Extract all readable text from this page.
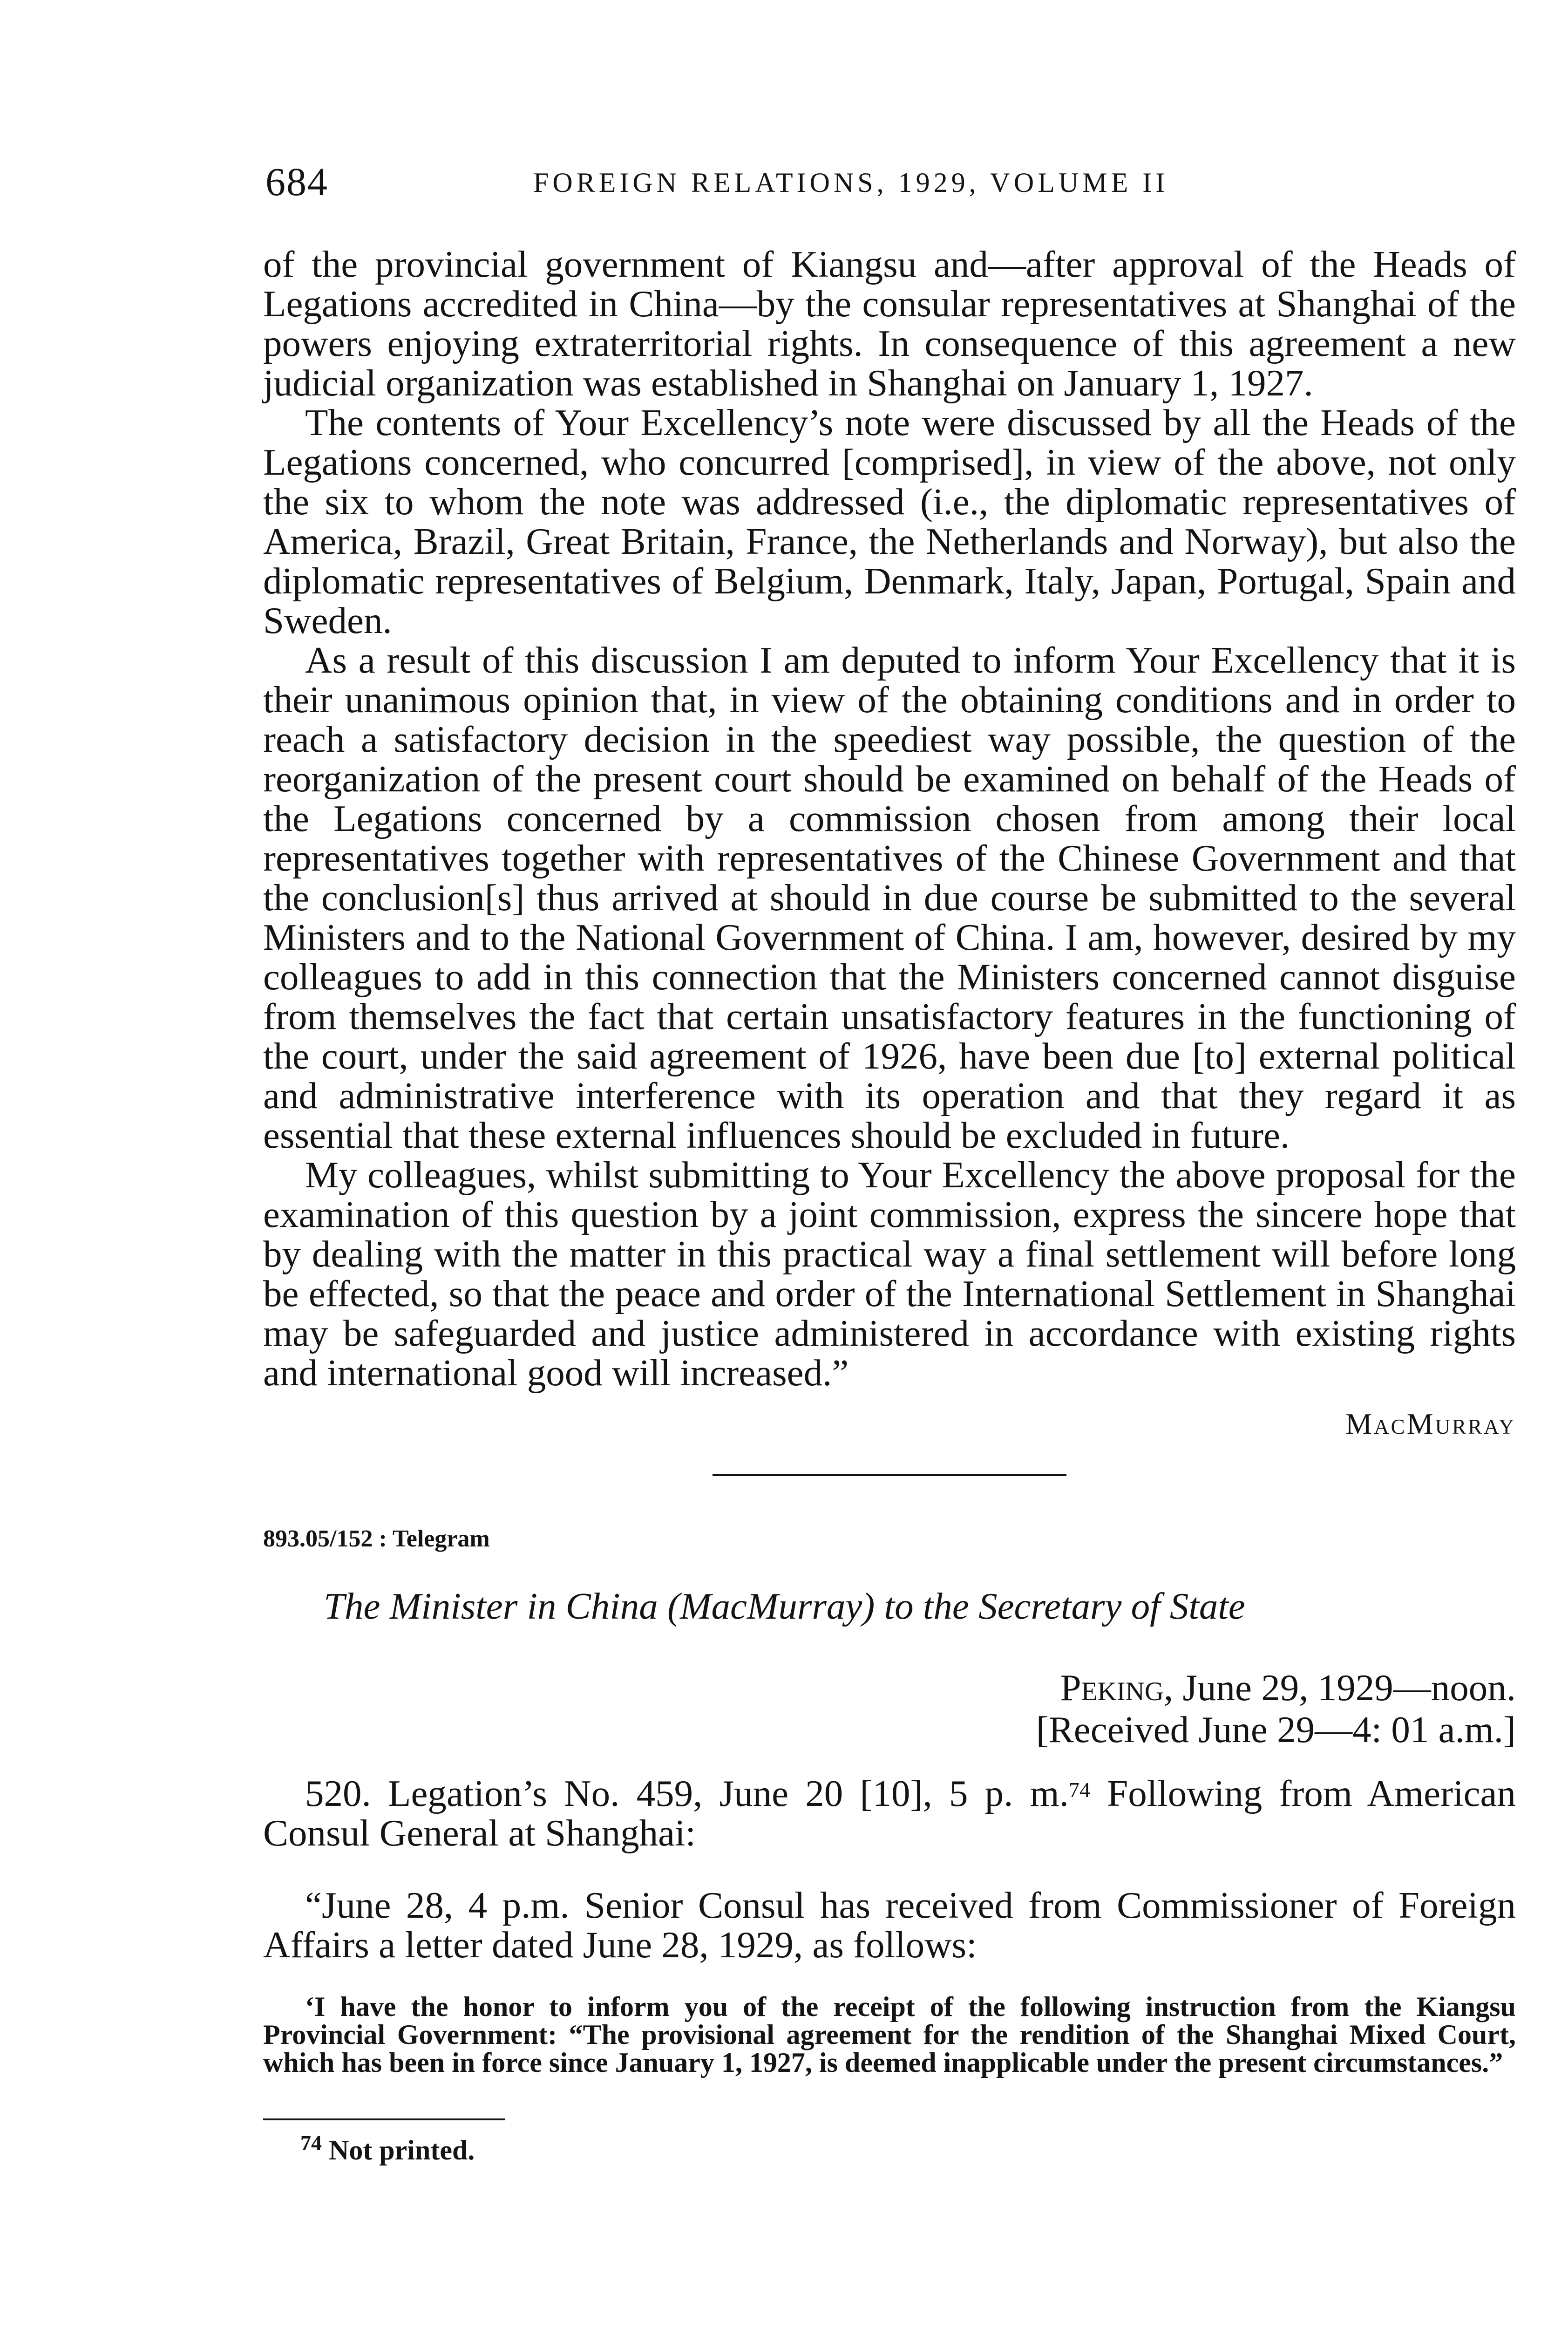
684	FOREIGN RELATIONS, 1929, VOLUME II

of the provincial government of Kiangsu and—after approval of the Heads of Legations accredited in China—by the consular representatives at Shanghai of the powers enjoying extraterritorial rights. In consequence of this agreement a new judicial organization was established in Shanghai on January 1, 1927.

The contents of Your Excellency’s note were discussed by all the Heads of the Legations concerned, who concurred [comprised], in view of the above, not only the six to whom the note was addressed (i.e., the diplomatic representatives of America, Brazil, Great Britain, France, the Netherlands and Norway), but also the diplomatic representatives of Belgium, Denmark, Italy, Japan, Portugal, Spain and Sweden.

As a result of this discussion I am deputed to inform Your Excellency that it is their unanimous opinion that, in view of the obtaining conditions and in order to reach a satisfactory decision in the speediest way possible, the question of the reorganization of the present court should be examined on behalf of the Heads of the Legations concerned by a commission chosen from among their local representatives together with representatives of the Chinese Government and that the conclusion[s] thus arrived at should in due course be submitted to the several Ministers and to the National Government of China. I am, however, desired by my colleagues to add in this connection that the Ministers concerned cannot disguise from themselves the fact that certain unsatisfactory features in the functioning of the court, under the said agreement of 1926, have been due [to] external political and administrative interference with its operation and that they regard it as essential that these external influences should be excluded in future.

My colleagues, whilst submitting to Your Excellency the above proposal for the examination of this question by a joint commission, express the sincere hope that by dealing with the matter in this practical way a final settlement will before long be effected, so that the peace and order of the International Settlement in Shanghai may be safeguarded and justice administered in accordance with existing rights and international good will increased.”

MacMurray

893.05/152 : Telegram

The Minister in China (MacMurray) to the Secretary of State

Peking, June 29, 1929—noon.
[Received June 29—4: 01 a.m.]

520. Legation’s No. 459, June 20 [10], 5 p. m.$^{74}$ Following from American Consul General at Shanghai:

“June 28, 4 p.m. Senior Consul has received from Commissioner of Foreign Affairs a letter dated June 28, 1929, as follows:

‘I have the honor to inform you of the receipt of the following instruction from the Kiangsu Provincial Government: “The provisional agreement for the rendition of the Shanghai Mixed Court, which has been in force since January 1, 1927, is deemed inapplicable under the present circumstances.”

$^{74}$ Not printed.
